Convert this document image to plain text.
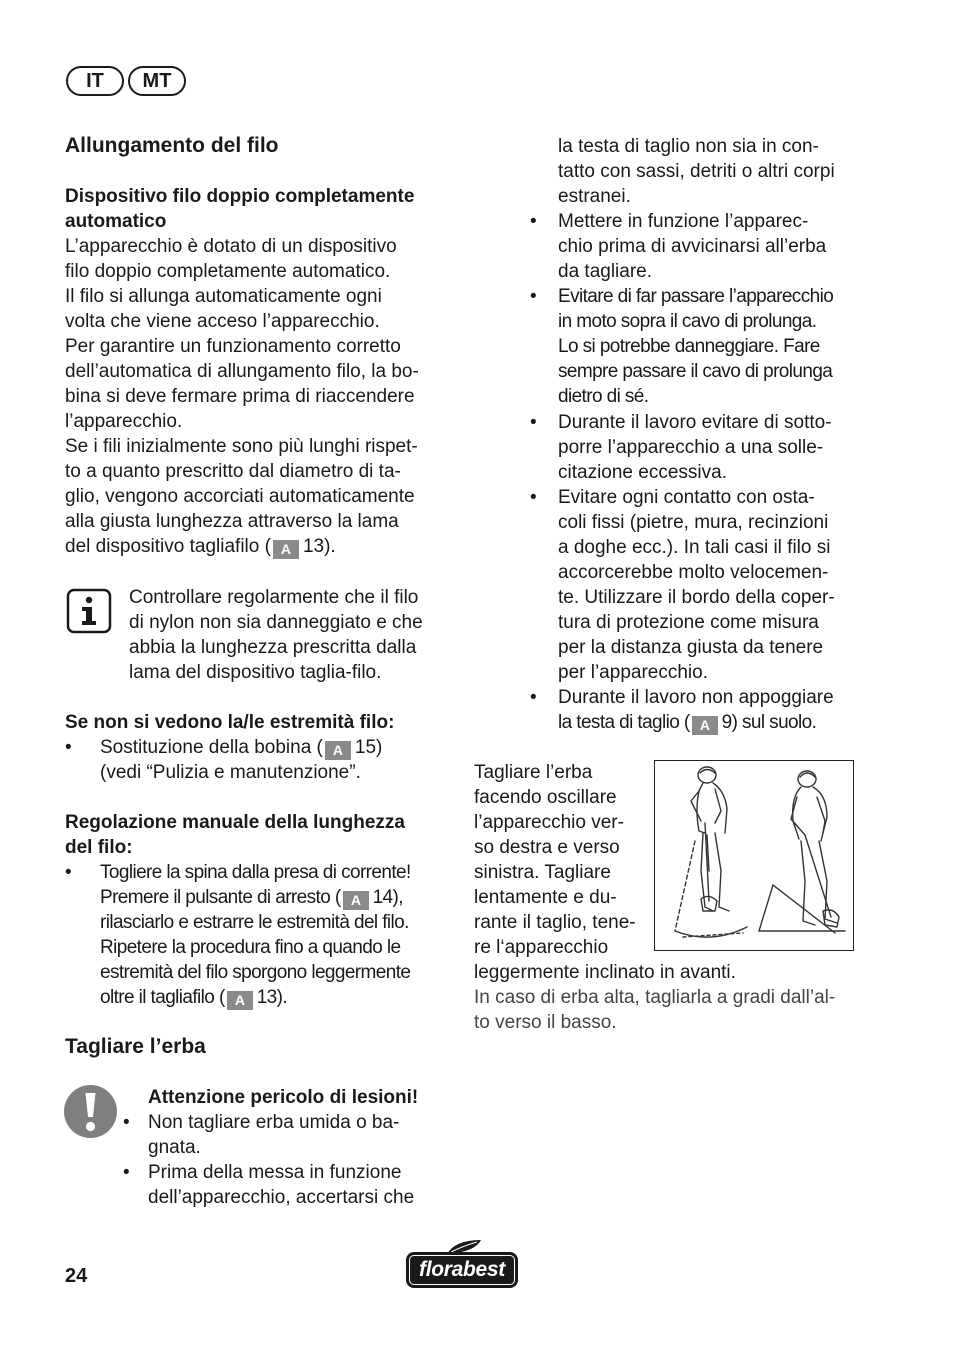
IT	MT
Allungamento del filo
Dispositivo filo doppio completamente
automatico
L’apparecchio è dotato di un dispositivo
filo doppio completamente automatico.
Il filo si allunga automaticamente ogni
volta che viene acceso l’apparecchio.
Per garantire un funzionamento corretto
dell’automatica di allungamento filo, la bo-
bina si deve fermare prima di riaccendere
l’apparecchio.
Se i fili inizialmente sono più lunghi rispet-
to a quanto prescritto dal diametro di ta-
glio, vengono accorciati automaticamente
alla giusta lunghezza attraverso la lama
del dispositivo tagliafilo ( A 13).
Controllare regolarmente che il filo
di nylon non sia danneggiato e che
abbia la lunghezza prescritta dalla
lama del dispositivo taglia-filo.
Se non si vedono la/le estremità filo:
• Sostituzione della bobina ( A 15)
(vedi “Pulizia e manutenzione”.
Regolazione manuale della lunghezza
del filo:
• Togliere la spina dalla presa di corrente!
Premere il pulsante di arresto ( A 14),
rilasciarlo e estrarre le estremità del filo.
Ripetere la procedura fino a quando le
estremità del filo sporgono leggermente
oltre il tagliafilo ( A 13).
Tagliare l’erba
Attenzione pericolo di lesioni!
• Non tagliare erba umida o ba-
gnata.
• Prima della messa in funzione
dell’apparecchio, accertarsi che
la testa di taglio non sia in con-
tatto con sassi, detriti o altri corpi
estranei.
• Mettere in funzione l’apparec-
chio prima di avvicinarsi all’erba
da tagliare.
• Evitare di far passare l’apparecchio
in moto sopra il cavo di prolunga.
Lo si potrebbe danneggiare. Fare
sempre passare il cavo di prolunga
dietro di sé.
• Durante il lavoro evitare di sotto-
porre l’apparecchio a una solle-
citazione eccessiva.
• Evitare ogni contatto con osta-
coli fissi (pietre, mura, recinzioni
a doghe ecc.). In tali casi il filo si
accorcerebbe molto velocemen-
te. Utilizzare il bordo della coper-
tura di protezione come misura
per la distanza giusta da tenere
per l’apparecchio.
• Durante il lavoro non appoggiare
la testa di taglio ( A 9) sul suolo.
Tagliare l’erba
facendo oscillare
l’apparecchio ver-
so destra e verso
sinistra. Tagliare
lentamente e du-
rante il taglio, tene-
re l‘apparecchio
leggermente inclinato in avanti.
In caso di erba alta, tagliarla a gradi dall’al-
to verso il basso.
24	florabest
